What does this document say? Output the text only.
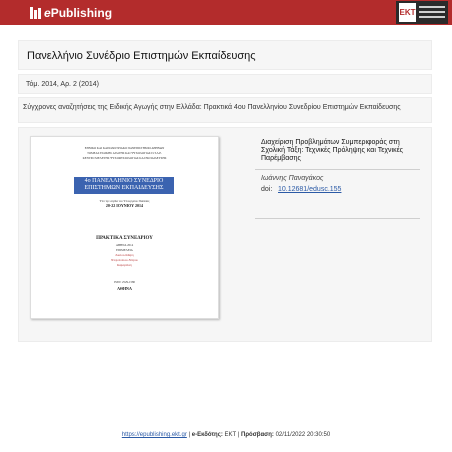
e Publishing	EKT
Πανελλήνιο Συνέδριο Επιστημών Εκπαίδευσης
Τόμ. 2014, Αρ. 2 (2014)
Σύγχρονες αναζητήσεις της Ειδικής Αγωγής στην Ελλάδα: Πρακτικά 4ου Πανελληνίου Συνεδρίου Επιστημών Εκπαίδευσης
ΕΘΝΙΚΟ ΚΑΙ ΚΑΠΟΔΙΣΤΡΙΑΚΟ ΠΑΝΕΠΙΣΤΗΜΙΟ ΑΘΗΝΩΝ
ΤΟΜΕΑΣ ΕΙΔΙΚΗΣ ΑΓΩΓΗΣ ΚΑΙ ΨΥΧΟΛΟΓΙΑΣ Π.Τ.Δ.Ε.
ΚΕΝΤΡΟ ΜΕΛΕΤΗΣ ΨΥΧΟΦΥΣΙΟΛΟΓΙΑΣ ΚΑΙ ΕΚΠΑΙΔΕΥΣΗΣ
4ο ΠΑΝΕΛΛΗΝΙΟ ΣΥΝΕΔΡΙΟ
ΕΠΙΣΤΗΜΩΝ ΕΚΠΑΙΔΕΥΣΗΣ
Υπό την αιγίδα του Υπουργείου Παιδείας
20-22 ΙΟΥΝΙΟΥ 2014
ΠΡΑΚΤΙΚΑ ΣΥΝΕΔΡΙΟΥ
ΑΘΗΝΑ 2014
ΕΠΙΜΕΛΕΙΑ
Ζώνιου-Σιδέρη
Ντεροπούλου-Ντέρου
Καραγιάννη
ISSN: 2529-1580
ΑΘΗΝΑ
Διαχείριση Προβλημάτων Συμπεριφοράς στη Σχολική Τάξη: Τεχνικές Πρόληψης και Τεχνικές Παρέμβασης
Ιωάννης Παναγάκος
doi: 10.12681/edusc.155
https://epublishing.ekt.gr | e-Εκδότης: EKT | Πρόσβαση: 02/11/2022 20:30:50
